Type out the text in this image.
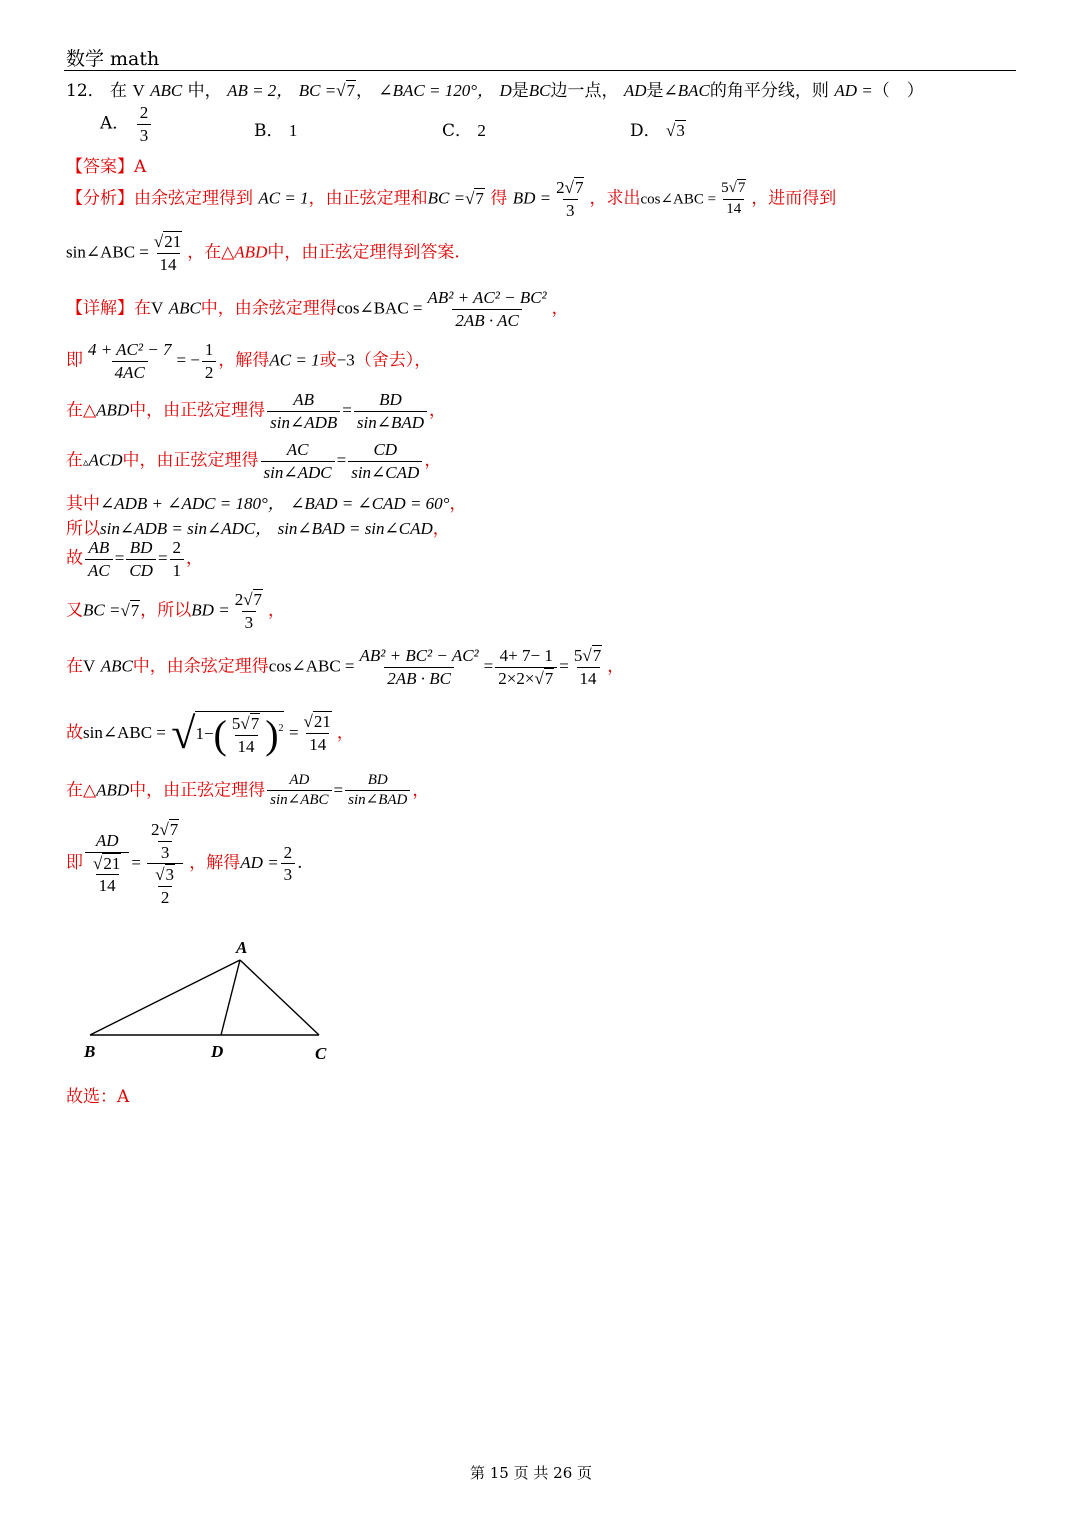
数学 math
12． 在 V ABC 中， AB = 2， BC =√7， ∠BAC = 120°， D是BC边一点， AD是∠BAC的角平分线，则 AD =（　）
A． $\frac{2}{3}$	B． 1	C． 2	D． √3
【答案】A
【分析】由余弦定理得到 AC = 1，由正弦定理和BC =√7 得 BD = $\frac{2√7}{3}$ ，求出cos∠ABC = $\frac{5√7}{14}$ ，进而得到
sin∠ABC = $\frac{√21}{14}$ ，在△ABD中，由正弦定理得到答案.
【详解】在V ABC中，由余弦定理得cos∠BAC = $\frac{\text{AB² + AC² − BC²}}{2AB \cdot AC}$ ，
即 $\frac{\text{4 + AC² − 7}}{4AC}$ = − $\frac{1}{2}$ ，解得AC = 1或−3（舍去），
在△ABD中，由正弦定理得 $\frac{AB}{\text{sin∠ADB}} = \frac{BD}{\text{sin∠BAD}}$ ，
在▵ACD中，由正弦定理得 $\frac{AC}{\text{sin∠ADC}} = \frac{CD}{\text{sin∠CAD}}$ ，
其中∠ADB + ∠ADC = 180°， ∠BAD = ∠CAD = 60°，
所以sin∠ADB = sin∠ADC， sin∠BAD = sin∠CAD，
故 $\frac{AB}{AC} = \frac{BD}{CD} = \frac{2}{1}$ ，
又BC =√7，所以BD = $\frac{2√7}{3}$ ，
在V ABC中，由余弦定理得cos∠ABC = $\frac{\text{AB² + BC² − AC²}}{2AB \cdot BC} = \frac{4+ 7- 1}{2\times 2\times√7} = \frac{5√7}{14}$ ，
故sin∠ABC = $√1-( \frac{5√7}{14} )^2 = \frac{√21}{14}$ ，
在△ABD中，由正弦定理得 $\frac{AD}{\text{sin∠ABC}} = \frac{BD}{\text{sin∠BAD}}$ ，
即 $\frac{AD}{\frac{√21}{14}} = \frac{\frac{2√7}{3}}{\frac{√3}{2}}$ ，解得AD = $\frac{2}{3}$ .
A
B	D	C
故选：A
第 15 页 共 26 页
